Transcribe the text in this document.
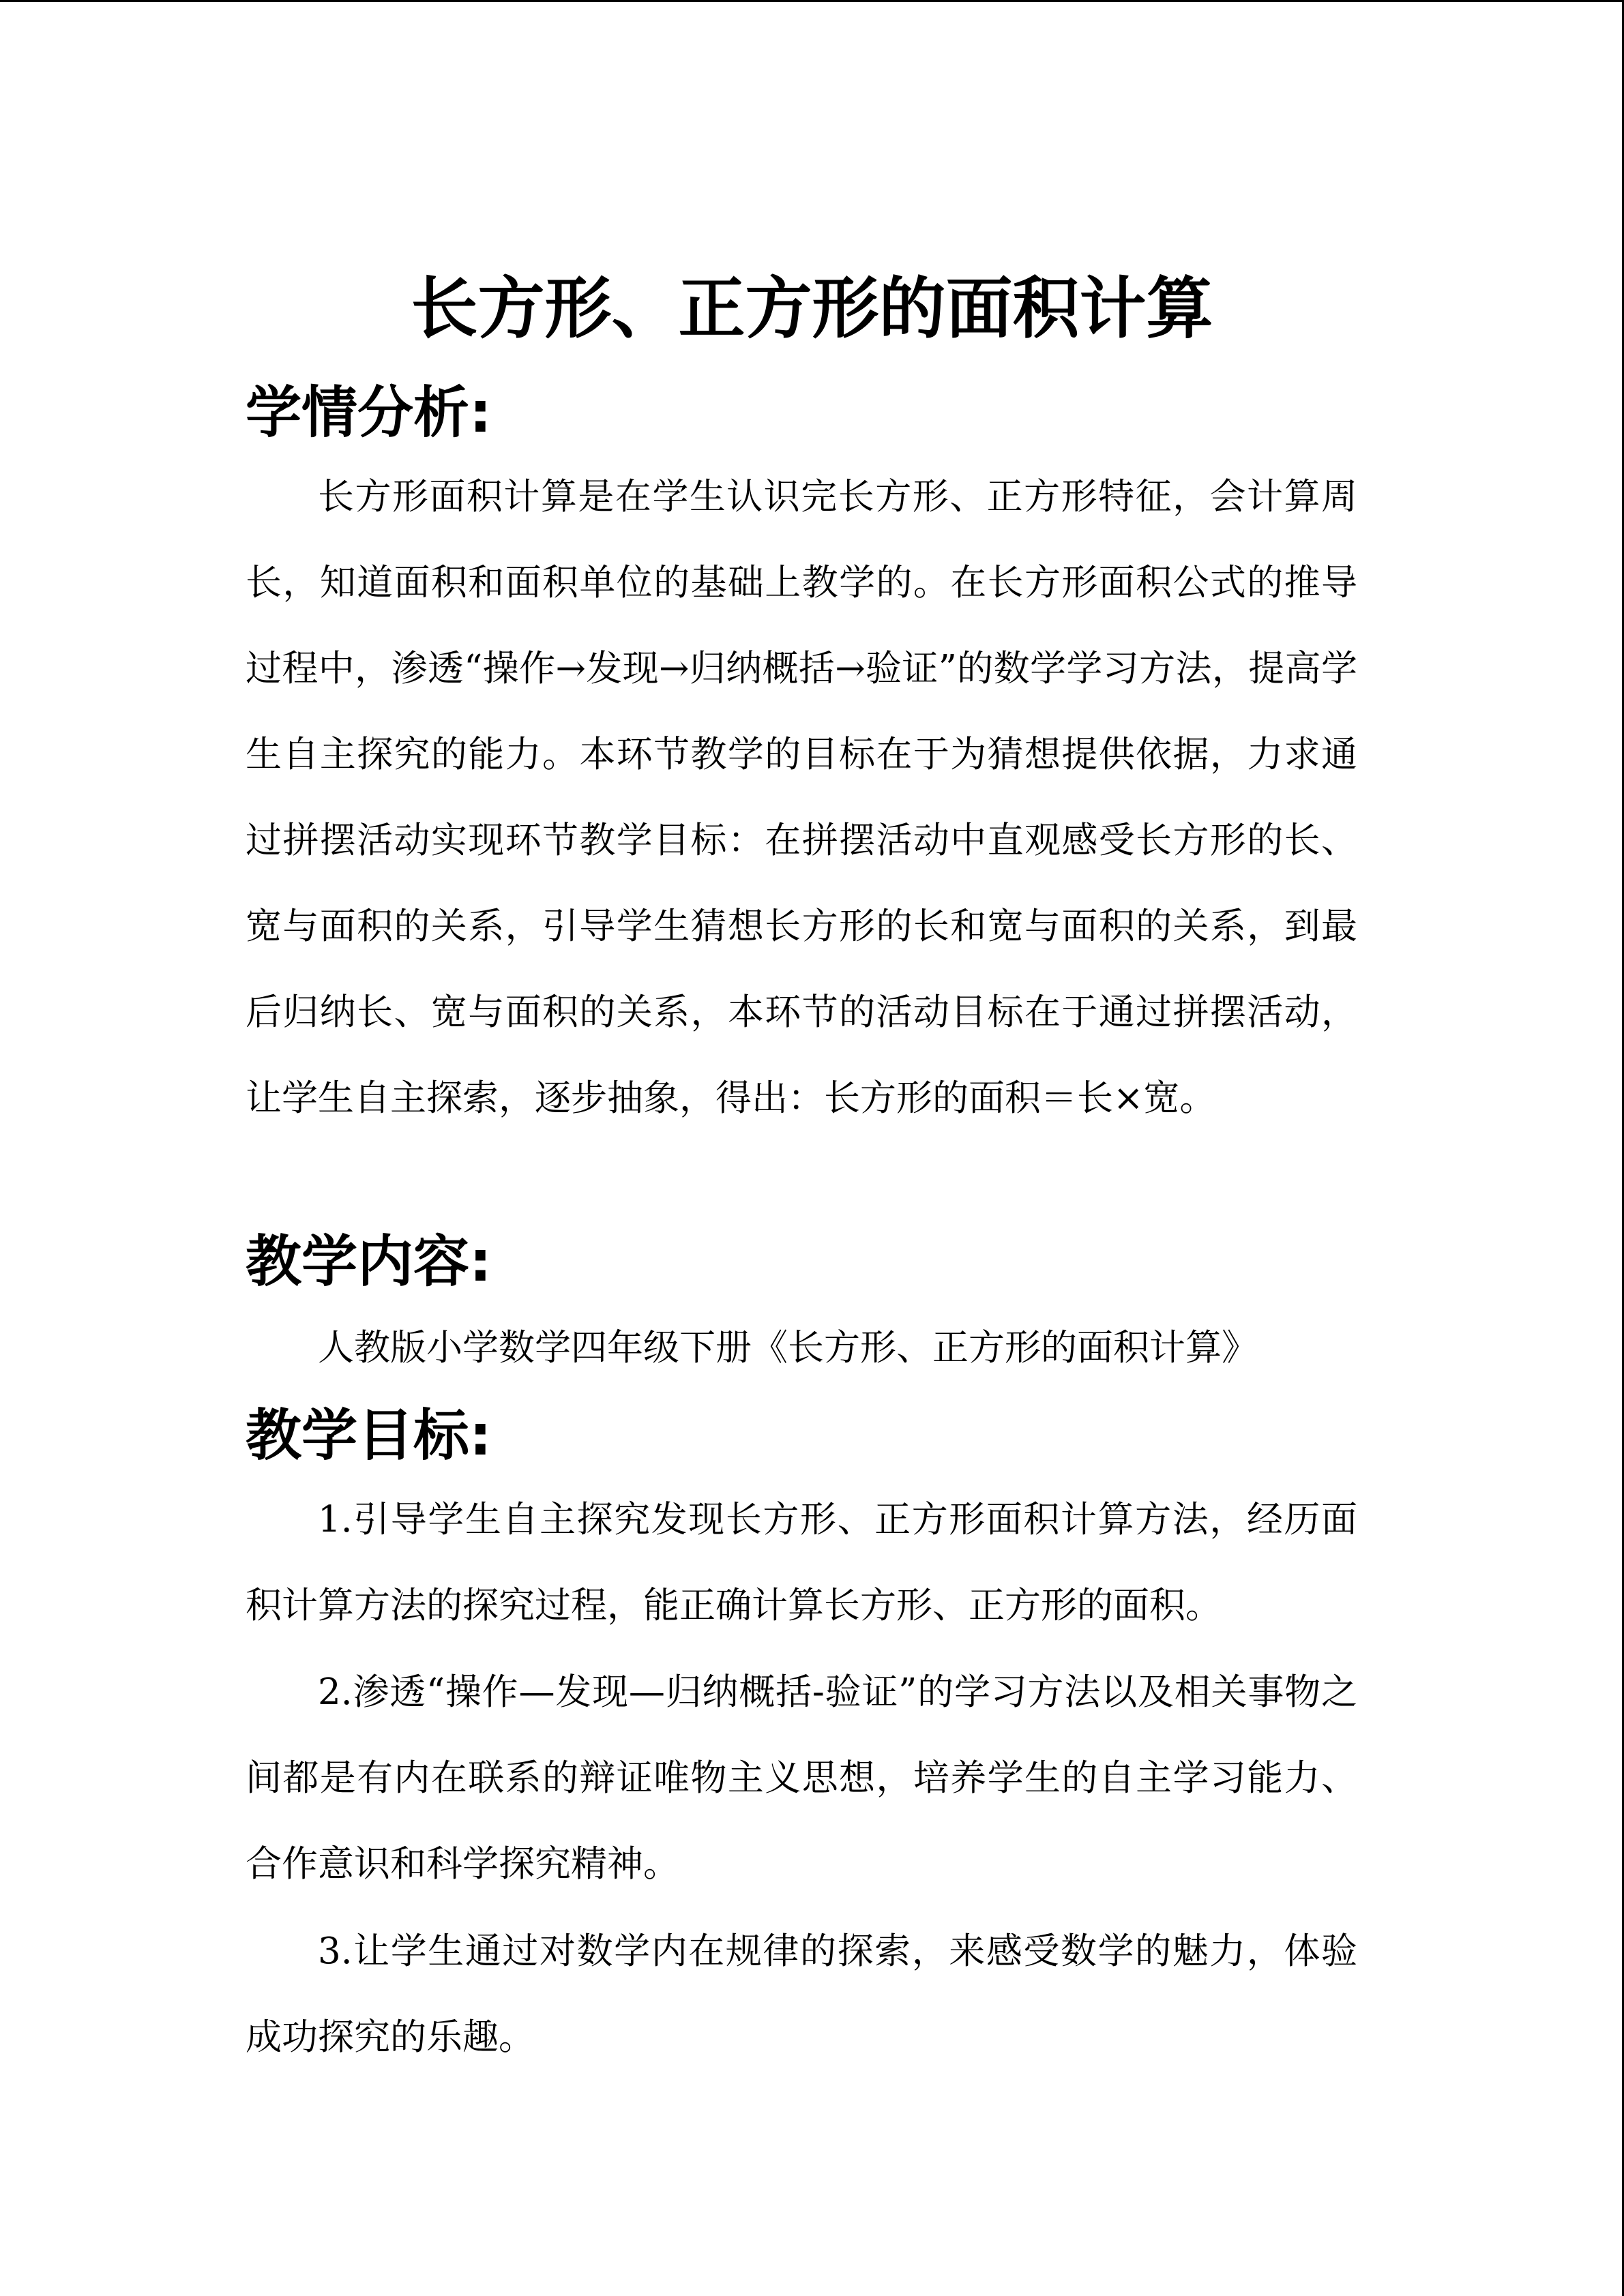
长方形、正方形的面积计算
学情分析:

长方形面积计算是在学生认识完长方形、正方形特征，会计算周长，知道面积和面积单位的基础上教学的。在长方形面积公式的推导过程中，渗透“操作→发现→归纳概括→验证”的数学学习方法，提高学生自主探究的能力。本环节教学的目标在于为猜想提供依据，力求通过拼摆活动实现环节教学目标：在拼摆活动中直观感受长方形的长、宽与面积的关系，引导学生猜想长方形的长和宽与面积的关系，到最后归纳长、宽与面积的关系，本环节的活动目标在于通过拼摆活动，让学生自主探索，逐步抽象，得出：长方形的面积＝长×宽。

教学内容:

人教版小学数学四年级下册《长方形、正方形的面积计算》

教学目标:

1.引导学生自主探究发现长方形、正方形面积计算方法，经历面积计算方法的探究过程，能正确计算长方形、正方形的面积。

2.渗透“操作—发现—归纳概括-验证”的学习方法以及相关事物之间都是有内在联系的辩证唯物主义思想，培养学生的自主学习能力、合作意识和科学探究精神。

3.让学生通过对数学内在规律的探索，来感受数学的魅力，体验成功探究的乐趣。
